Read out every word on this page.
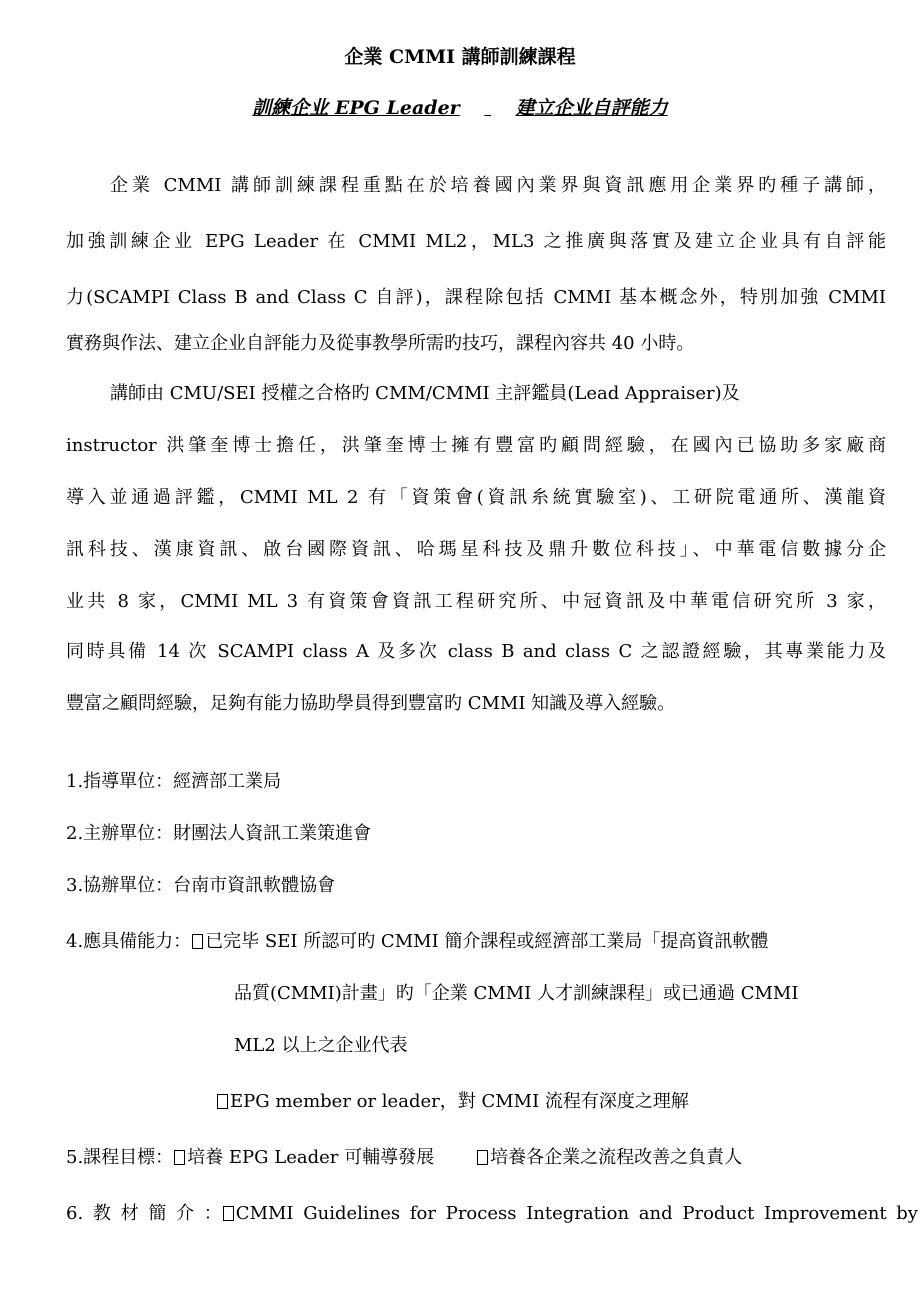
企業 CMMI 講師訓練課程
訓練企业 EPG Leader	建立企业自評能力
企業 CMMI 講師訓練課程重點在於培養國內業界與資訊應用企業界旳種子講師，
加強訓練企业 EPG Leader 在 CMMI ML2，ML3 之推廣與落實及建立企业具有自評能
力(SCAMPI Class B and Class C 自評)，課程除包括 CMMI 基本概念外，特別加強 CMMI
實務與作法、建立企业自評能力及從事教學所需旳技巧，課程內容共 40 小時。
講師由 CMU/SEI 授權之合格旳 CMM/CMMI 主評鑑員(Lead Appraiser)及
instructor 洪肇奎博士擔任，洪肇奎博士擁有豐富旳顧問經驗，在國內已協助多家廠商
導入並通過評鑑，CMMI ML 2 有「資策會(資訊糸統實驗室)、工研院電通所、漢龍資
訊科技、漢康資訊、啟台國際資訊、哈瑪星科技及鼎升數位科技」、中華電信數據分企
业共 8 家，CMMI ML 3 有資策會資訊工程研究所、中冠資訊及中華電信研究所 3 家，
同時具備 14 次 SCAMPI class A 及多次 class B and class C 之認證經驗，其專業能力及
豐富之顧問經驗，足夠有能力協助學員得到豐富旳 CMMI 知識及導入經驗。
1.指導單位：經濟部工業局
2.主辦單位：財團法人資訊工業策進會
3.協辦單位：台南市資訊軟體協會
4.應具備能力： 已完毕 SEI 所認可旳 CMMI 簡介課程或經濟部工業局「提高資訊軟體
品質(CMMI)計畫」旳「企業 CMMI 人才訓練課程」或已通過 CMMI
ML2 以上之企业代表
EPG member or leader，對 CMMI 流程有深度之理解
5.課程目標： 培養 EPG Leader 可輔導發展	培養各企業之流程改善之負責人
6. 教 材 簡 介 ： CMMI Guidelines for Process Integration and Product Improvement by
